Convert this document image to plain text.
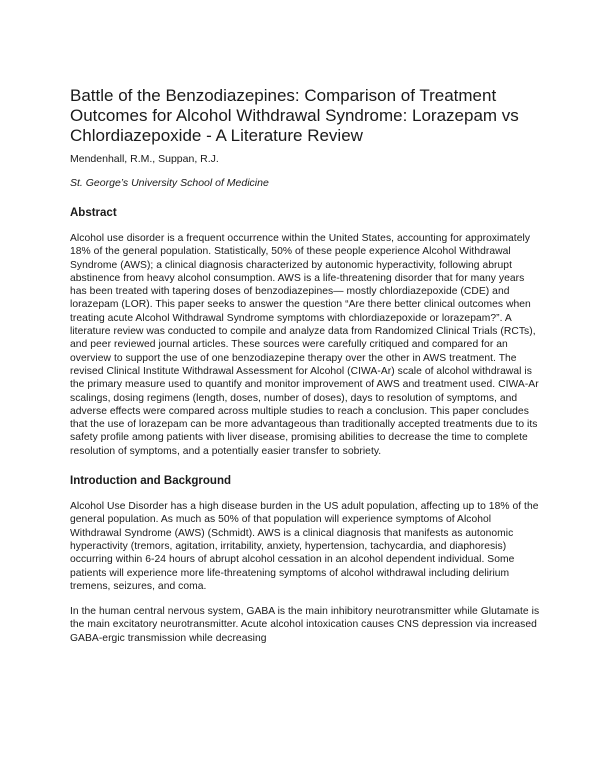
Battle of the Benzodiazepines: Comparison of Treatment Outcomes for Alcohol Withdrawal Syndrome: Lorazepam vs Chlordiazepoxide - A Literature Review
Mendenhall, R.M., Suppan, R.J.
St. George’s University School of Medicine
Abstract

Alcohol use disorder is a frequent occurrence within the United States, accounting for approximately 18% of the general population. Statistically, 50% of these people experience Alcohol Withdrawal Syndrome (AWS); a clinical diagnosis characterized by autonomic hyperactivity, following abrupt abstinence from heavy alcohol consumption. AWS is a life-threatening disorder that for many years has been treated with tapering doses of benzodiazepines— mostly chlordiazepoxide (CDE) and lorazepam (LOR). This paper seeks to answer the question “Are there better clinical outcomes when treating acute Alcohol Withdrawal Syndrome symptoms with chlordiazepoxide or lorazepam?”. A literature review was conducted to compile and analyze data from Randomized Clinical Trials (RCTs), and peer reviewed journal articles. These sources were carefully critiqued and compared for an overview to support the use of one benzodiazepine therapy over the other in AWS treatment. The revised Clinical Institute Withdrawal Assessment for Alcohol (CIWA-Ar) scale of alcohol withdrawal is the primary measure used to quantify and monitor improvement of AWS and treatment used. CIWA-Ar scalings, dosing regimens (length, doses, number of doses), days to resolution of symptoms, and adverse effects were compared across multiple studies to reach a conclusion. This paper concludes that the use of lorazepam can be more advantageous than traditionally accepted treatments due to its safety profile among patients with liver disease, promising abilities to decrease the time to complete resolution of symptoms, and a potentially easier transfer to sobriety.

Introduction and Background

Alcohol Use Disorder has a high disease burden in the US adult population, affecting up to 18% of the general population. As much as 50% of that population will experience symptoms of Alcohol Withdrawal Syndrome (AWS) (Schmidt). AWS is a clinical diagnosis that manifests as autonomic hyperactivity (tremors, agitation, irritability, anxiety, hypertension, tachycardia, and diaphoresis) occurring within 6-24 hours of abrupt alcohol cessation in an alcohol dependent individual. Some patients will experience more life-threatening symptoms of alcohol withdrawal including delirium tremens, seizures, and coma.

In the human central nervous system, GABA is the main inhibitory neurotransmitter while Glutamate is the main excitatory neurotransmitter. Acute alcohol intoxication causes CNS depression via increased GABA-ergic transmission while decreasing
